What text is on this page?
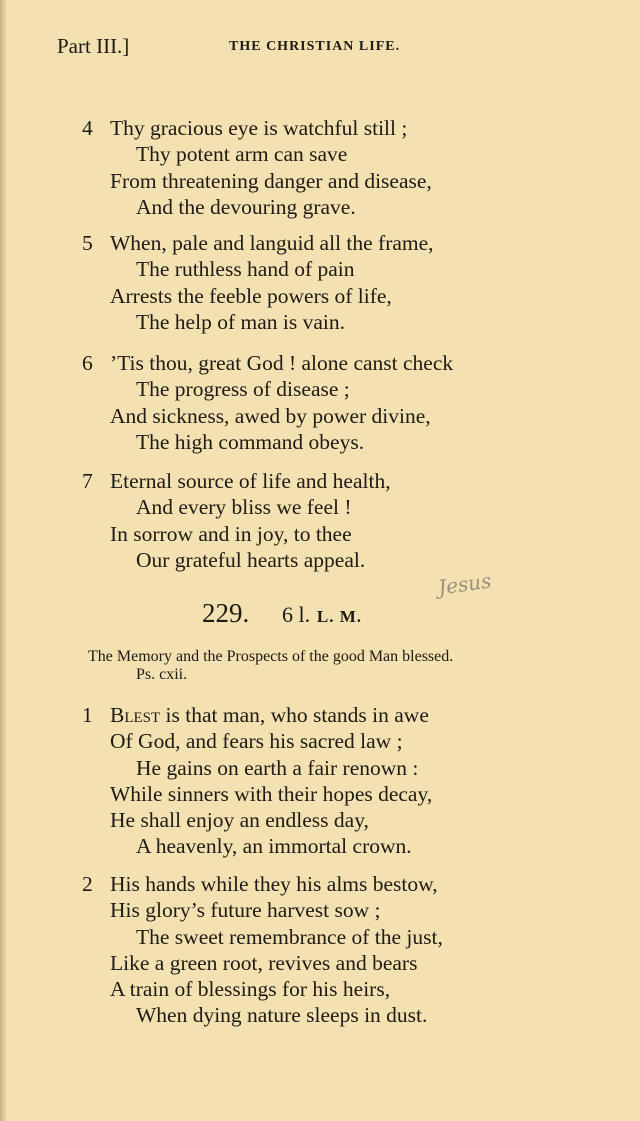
Part III.]	THE CHRISTIAN LIFE.
4 Thy gracious eye is watchful still ;
Thy potent arm can save
From threatening danger and disease,
And the devouring grave.
5 When, pale and languid all the frame,
The ruthless hand of pain
Arrests the feeble powers of life,
The help of man is vain.
6 ’Tis thou, great God ! alone canst check
The progress of disease ;
And sickness, awed by power divine,
The high command obeys.
7 Eternal source of life and health,
And every bliss we feel !
In sorrow and in joy, to thee
Our grateful hearts appeal.
229. 6 l. L. M.
Jesus
The Memory and the Prospects of the good Man blessed.
Ps. cxii.
1 Blest is that man, who stands in awe
Of God, and fears his sacred law ;
He gains on earth a fair renown :
While sinners with their hopes decay,
He shall enjoy an endless day,
A heavenly, an immortal crown.
2 His hands while they his alms bestow,
His glory’s future harvest sow ;
The sweet remembrance of the just,
Like a green root, revives and bears
A train of blessings for his heirs,
When dying nature sleeps in dust.
